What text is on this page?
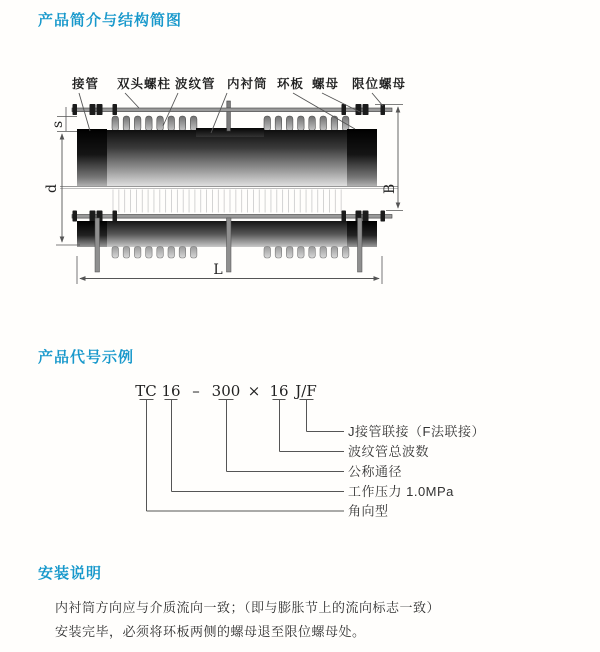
产品简介与结构简图
产品代号示例
安装说明
内衬筒方向应与介质流向一致；（即与膨胀节上的流向标志一致）
安装完毕，必须将环板两侧的螺母退至限位螺母处。
接管 双头螺柱 波纹管 内衬筒 环板 螺母 限位螺母
s
d	B
L
TC 16 – 300 × 16 J/F
J接管联接（F法联接）
波纹管总波数
公称通径
工作压力 1.0MPa
角向型
